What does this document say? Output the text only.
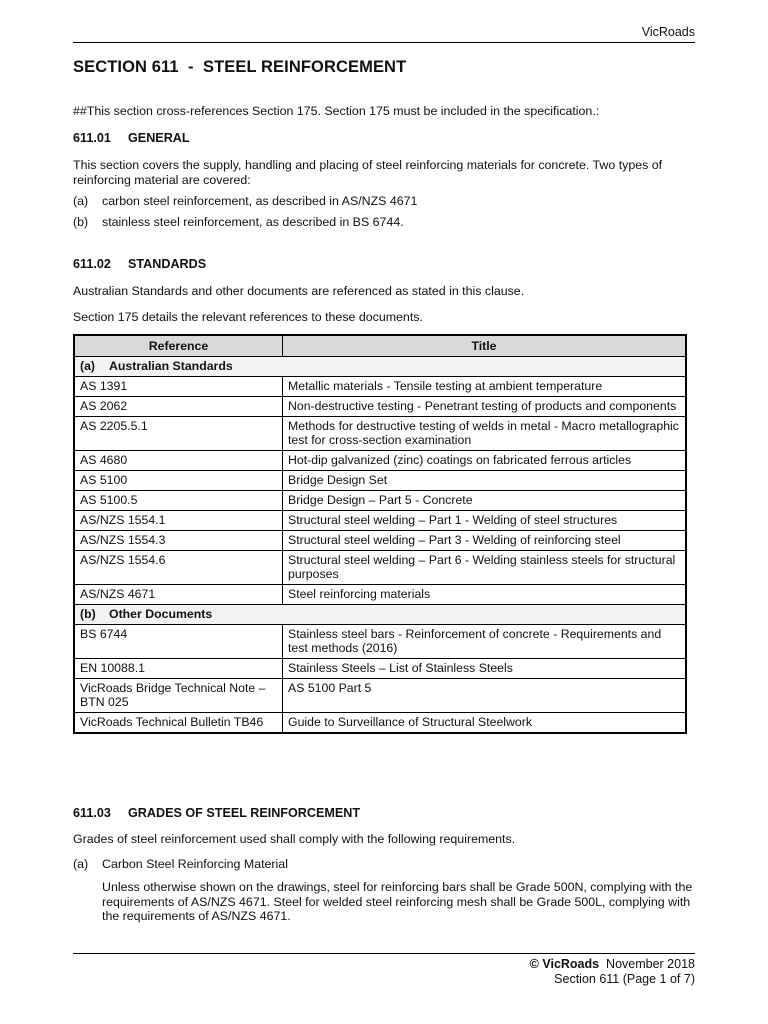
VicRoads
SECTION 611  -  STEEL REINFORCEMENT
##This section cross-references Section 175. Section 175 must be included in the specification.:
611.01 GENERAL
This section covers the supply, handling and placing of steel reinforcing materials for concrete. Two types of reinforcing material are covered:
(a) carbon steel reinforcement, as described in AS/NZS 4671
(b) stainless steel reinforcement, as described in BS 6744.
611.02 STANDARDS
Australian Standards and other documents are referenced as stated in this clause.
Section 175 details the relevant references to these documents.
Reference	Title
(a) Australian Standards	
AS 1391	Metallic materials - Tensile testing at ambient temperature
AS 2062	Non-destructive testing - Penetrant testing of products and components
AS 2205.5.1	Methods for destructive testing of welds in metal - Macro metallographic test for cross-section examination
AS 4680	Hot-dip galvanized (zinc) coatings on fabricated ferrous articles
AS 5100	Bridge Design Set
AS 5100.5	Bridge Design – Part 5 - Concrete
AS/NZS 1554.1	Structural steel welding – Part 1 - Welding of steel structures
AS/NZS 1554.3	Structural steel welding – Part 3 - Welding of reinforcing steel
AS/NZS 1554.6	Structural steel welding – Part 6 - Welding stainless steels for structural purposes
AS/NZS 4671	Steel reinforcing materials
(b) Other Documents	
BS 6744	Stainless steel bars - Reinforcement of concrete - Requirements and test methods (2016)
EN 10088.1	Stainless Steels – List of Stainless Steels
VicRoads Bridge Technical Note – BTN 025	AS 5100 Part 5
VicRoads Technical Bulletin TB46	Guide to Surveillance of Structural Steelwork
611.03 GRADES OF STEEL REINFORCEMENT
Grades of steel reinforcement used shall comply with the following requirements.
(a) Carbon Steel Reinforcing Material
Unless otherwise shown on the drawings, steel for reinforcing bars shall be Grade 500N, complying with the requirements of AS/NZS 4671. Steel for welded steel reinforcing mesh shall be Grade 500L, complying with the requirements of AS/NZS 4671.
© VicRoads November 2018
Section 611 (Page 1 of 7)
